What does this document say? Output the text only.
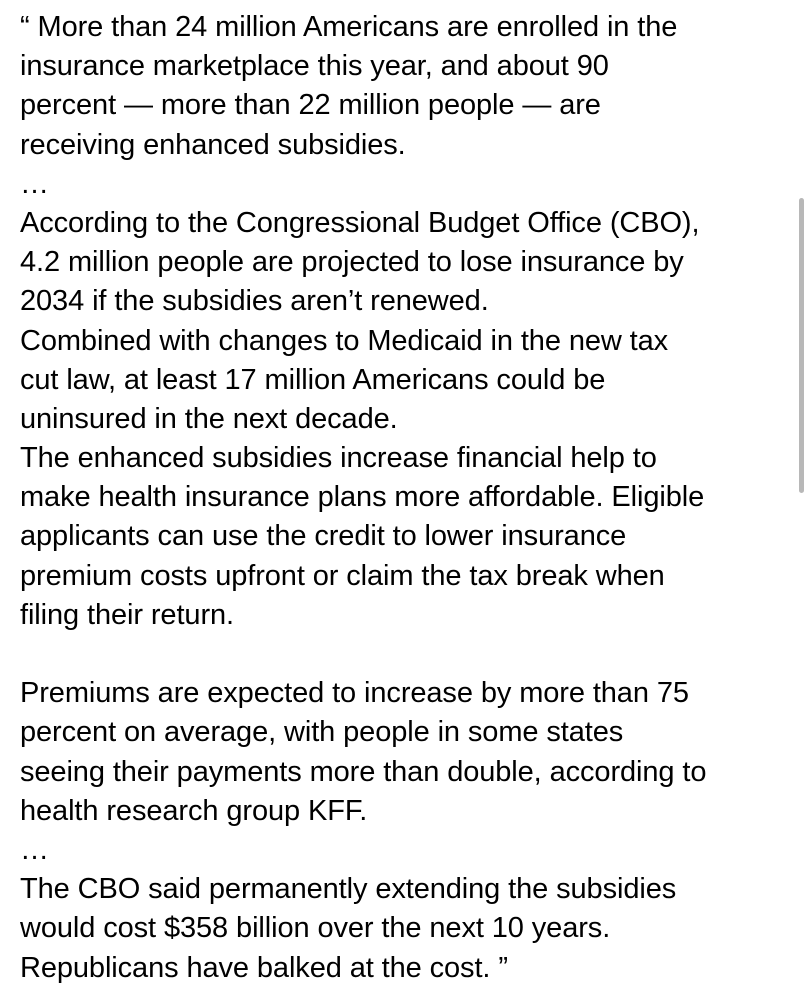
“ More than 24 million Americans are enrolled in the
insurance marketplace this year, and about 90
percent — more than 22 million people — are
receiving enhanced subsidies.
…
According to the Congressional Budget Office (CBO),
4.2 million people are projected to lose insurance by
2034 if the subsidies aren’t renewed.
Combined with changes to Medicaid in the new tax
cut law, at least 17 million Americans could be
uninsured in the next decade.
The enhanced subsidies increase financial help to
make health insurance plans more affordable. Eligible
applicants can use the credit to lower insurance
premium costs upfront or claim the tax break when
filing their return.
Premiums are expected to increase by more than 75
percent on average, with people in some states
seeing their payments more than double, according to
health research group KFF.
…
The CBO said permanently extending the subsidies
would cost $358 billion over the next 10 years.
Republicans have balked at the cost. ”
